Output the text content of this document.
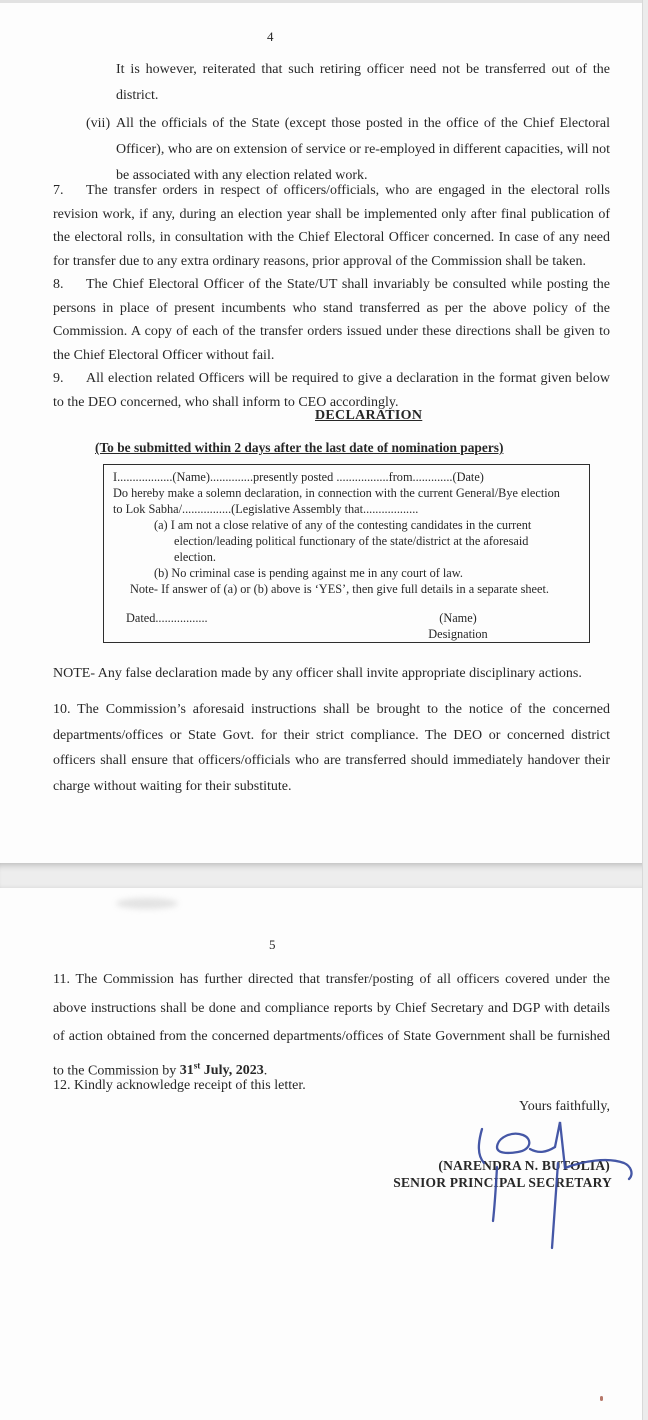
4
It is however, reiterated that such retiring officer need not be transferred out of the district.
(vii) All the officials of the State (except those posted in the office of the Chief Electoral Officer), who are on extension of service or re-employed in different capacities, will not be associated with any election related work.
7. The transfer orders in respect of officers/officials, who are engaged in the electoral rolls revision work, if any, during an election year shall be implemented only after final publication of the electoral rolls, in consultation with the Chief Electoral Officer concerned. In case of any need for transfer due to any extra ordinary reasons, prior approval of the Commission shall be taken.
8. The Chief Electoral Officer of the State/UT shall invariably be consulted while posting the persons in place of present incumbents who stand transferred as per the above policy of the Commission. A copy of each of the transfer orders issued under these directions shall be given to the Chief Electoral Officer without fail.
9. All election related Officers will be required to give a declaration in the format given below to the DEO concerned, who shall inform to CEO accordingly.
DECLARATION
(To be submitted within 2 days after the last date of nomination papers)
I..................(Name)..............presently posted .................from.............(Date)
Do hereby make a solemn declaration, in connection with the current General/Bye election
to Lok Sabha/................(Legislative Assembly that..................
(a) I am not a close relative of any of the contesting candidates in the current
election/leading political functionary of the state/district at the aforesaid
election.
(b) No criminal case is pending against me in any court of law.
Note- If answer of (a) or (b) above is ‘YES’, then give full details in a separate sheet.
Dated.................	(Name)
Designation
NOTE- Any false declaration made by any officer shall invite appropriate disciplinary actions.
10. The Commission’s aforesaid instructions shall be brought to the notice of the concerned departments/offices or State Govt. for their strict compliance. The DEO or concerned district officers shall ensure that officers/officials who are transferred should immediately handover their charge without waiting for their substitute.
5
11. The Commission has further directed that transfer/posting of all officers covered under the above instructions shall be done and compliance reports by Chief Secretary and DGP with details of action obtained from the concerned departments/offices of State Government shall be furnished to the Commission by 31st July, 2023.
12. Kindly acknowledge receipt of this letter.
Yours faithfully,
(NARENDRA N. BUTOLIA)
SENIOR PRINCIPAL SECRETARY
